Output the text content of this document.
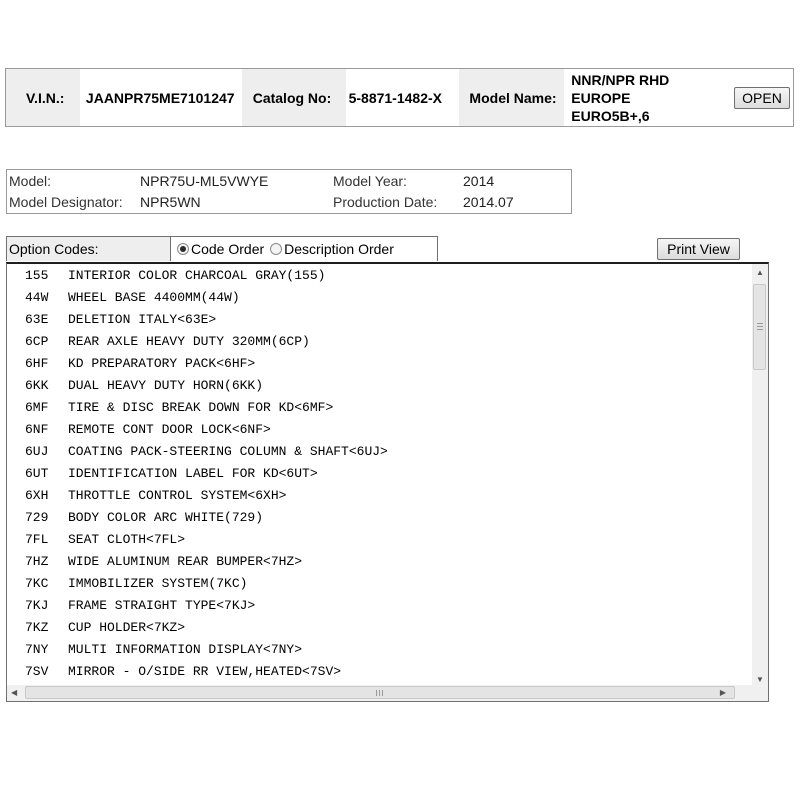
V.I.N.:	JAANPR75ME7101247	Catalog No:	5-8871-1482-X	Model Name:
NNR/NPR RHD
EUROPE
EURO5B+,6
OPEN
Model:	NPR75U-ML5VWYE	Model Year:	2014
Model Designator: NPR5WN	Production Date: 2014.07
Option Codes:	Code Order Description Order	Print View
155 INTERIOR COLOR CHARCOAL GRAY(155)
44W WHEEL BASE 4400MM(44W)
63E DELETION ITALY<63E>
6CP REAR AXLE HEAVY DUTY 320MM(6CP)
6HF KD PREPARATORY PACK<6HF>
6KK DUAL HEAVY DUTY HORN(6KK)
6MF TIRE & DISC BREAK DOWN FOR KD<6MF>
6NF REMOTE CONT DOOR LOCK<6NF>
6UJ COATING PACK-STEERING COLUMN & SHAFT<6UJ>
6UT IDENTIFICATION LABEL FOR KD<6UT>
6XH THROTTLE CONTROL SYSTEM<6XH>
729 BODY COLOR ARC WHITE(729)
7FL SEAT CLOTH<7FL>
7HZ WIDE ALUMINUM REAR BUMPER<7HZ>
7KC IMMOBILIZER SYSTEM(7KC)
7KJ FRAME STRAIGHT TYPE<7KJ>
7KZ CUP HOLDER<7KZ>
7NY MULTI INFORMATION DISPLAY<7NY>
7SV MIRROR - O/SIDE RR VIEW,HEATED<7SV>
▲
▼
◀	▶
